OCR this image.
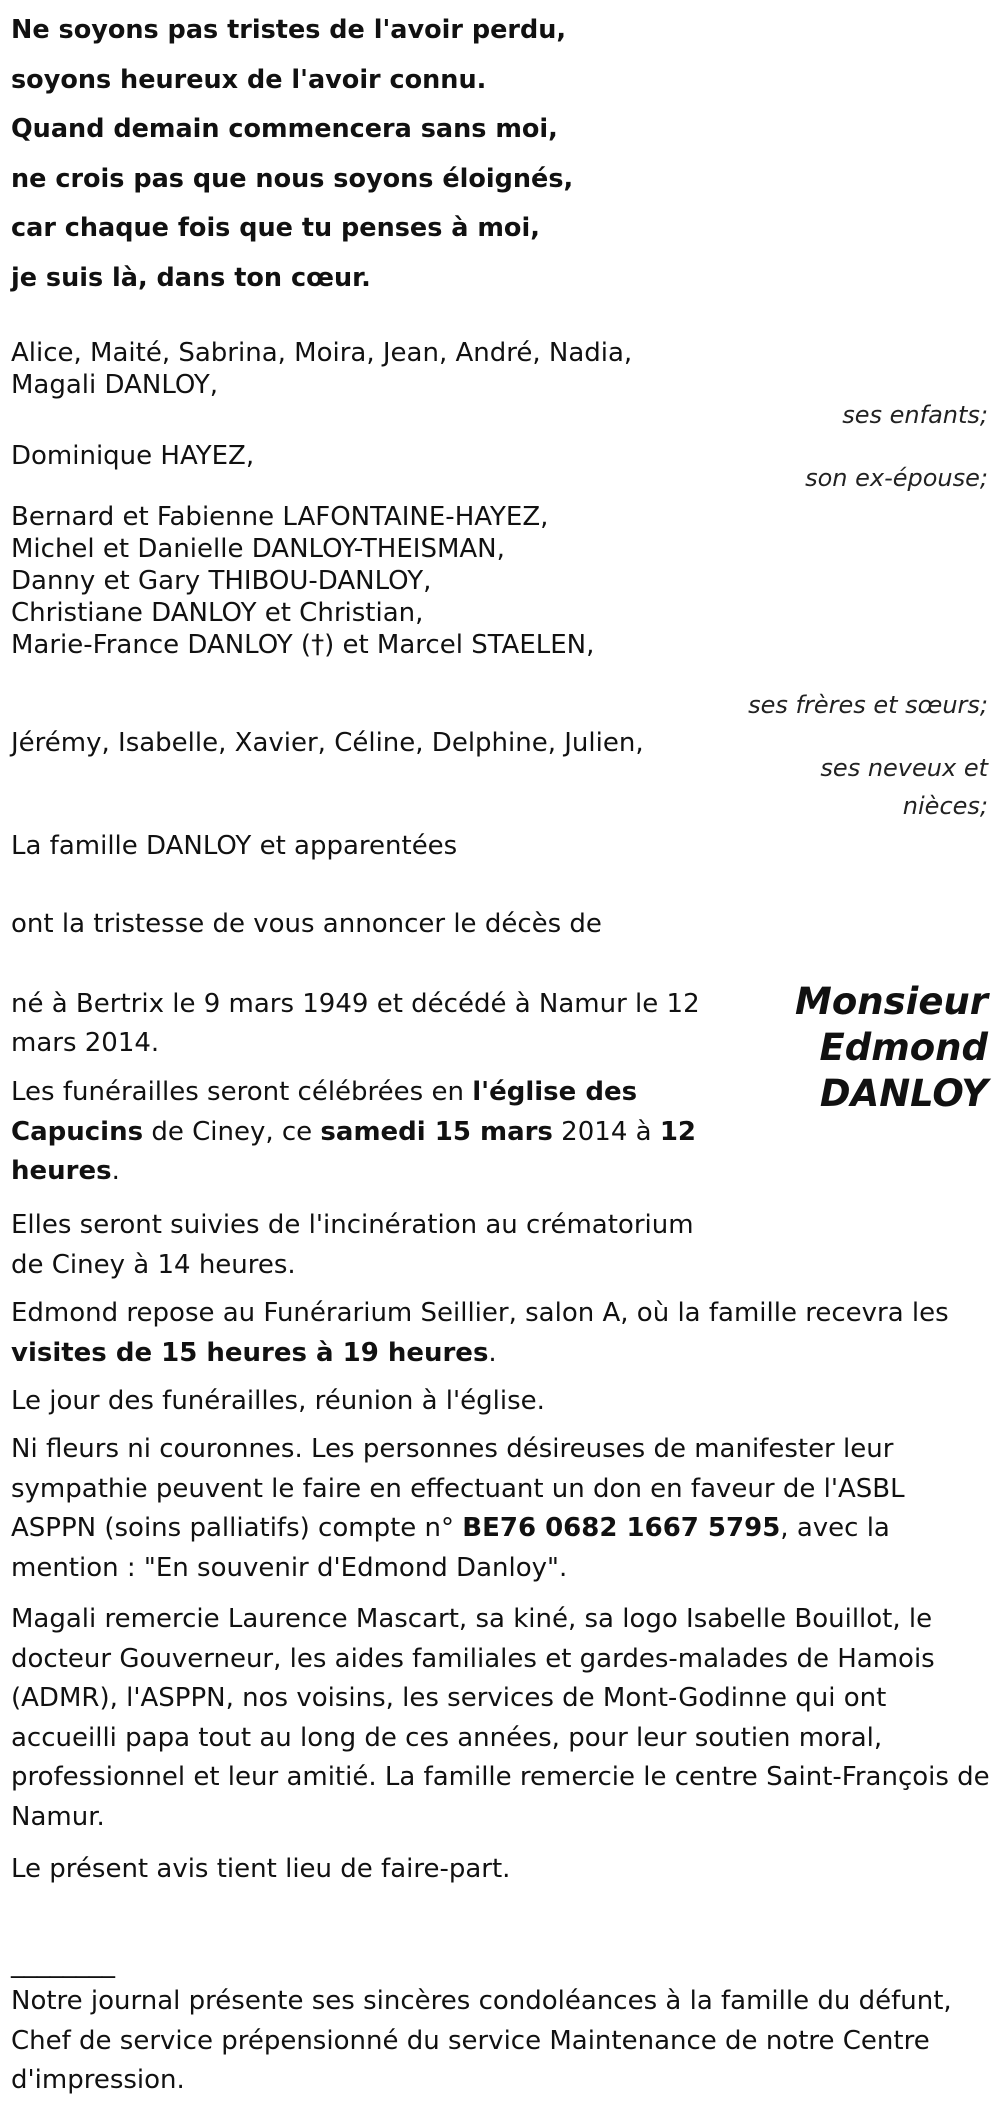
Ne soyons pas tristes de l'avoir perdu,
soyons heureux de l'avoir connu.
Quand demain commencera sans moi,
ne crois pas que nous soyons éloignés,
car chaque fois que tu penses à moi,
je suis là, dans ton cœur.
Alice, Maité, Sabrina, Moira, Jean, André, Nadia,
Magali DANLOY,
ses enfants;
Dominique HAYEZ,
son ex-épouse;
Bernard et Fabienne LAFONTAINE-HAYEZ,
Michel et Danielle DANLOY-THEISMAN,
Danny et Gary THIBOU-DANLOY,
Christiane DANLOY et Christian,
Marie-France DANLOY (†) et Marcel STAELEN,
ses frères et sœurs;
Jérémy, Isabelle, Xavier, Céline, Delphine, Julien,
ses neveux et
nièces;
La famille DANLOY et apparentées
ont la tristesse de vous annoncer le décès de
Monsieur
Edmond
DANLOY
né à Bertrix le 9 mars 1949 et décédé à Namur le 12 mars 2014.
Les funérailles seront célébrées en l'église des Capucins de Ciney, ce samedi 15 mars 2014 à 12 heures.
Elles seront suivies de l'incinération au crématorium de Ciney à 14 heures.
Edmond repose au Funérarium Seillier, salon A, où la famille recevra les visites de 15 heures à 19 heures.
Le jour des funérailles, réunion à l'église.
Ni fleurs ni couronnes. Les personnes désireuses de manifester leur sympathie peuvent le faire en effectuant un don en faveur de l'ASBL ASPPN (soins palliatifs) compte n° BE76 0682 1667 5795, avec la mention : "En souvenir d'Edmond Danloy".
Magali remercie Laurence Mascart, sa kiné, sa logo Isabelle Bouillot, le docteur Gouverneur, les aides familiales et gardes-malades de Hamois (ADMR), l'ASPPN, nos voisins, les services de Mont-Godinne qui ont accueilli papa tout au long de ces années, pour leur soutien moral, professionnel et leur amitié. La famille remercie le centre Saint-François de Namur.
Le présent avis tient lieu de faire-part.
________
Notre journal présente ses sincères condoléances à la famille du défunt,
Chef de service prépensionné du service Maintenance de notre Centre
d'impression.
